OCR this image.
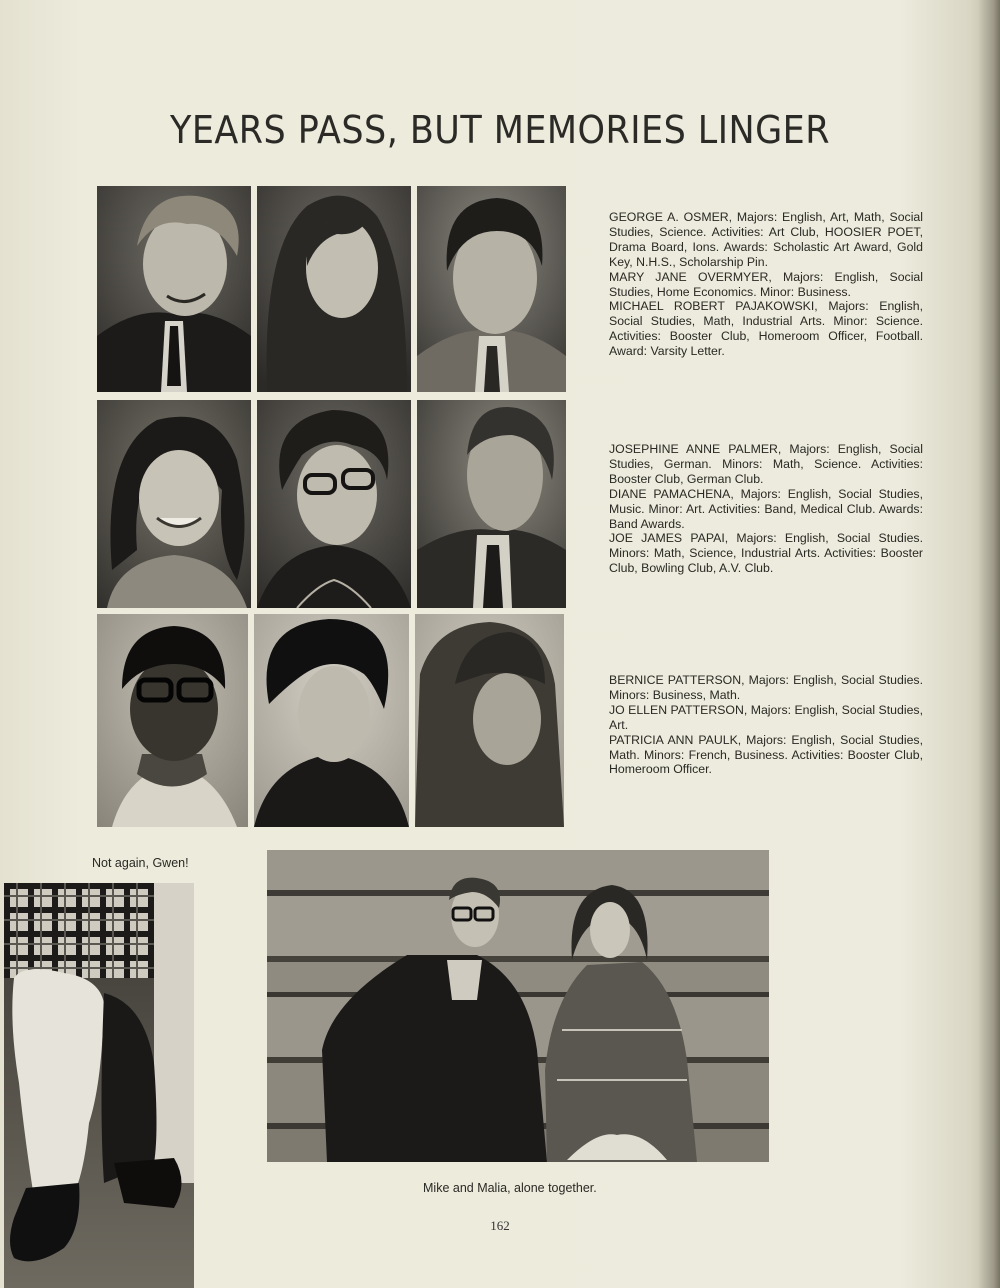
YEARS PASS, BUT MEMORIES LINGER

GEORGE A. OSMER, Majors: English, Art, Math, Social Studies, Science. Activities: Art Club, HOOSIER POET, Drama Board, Ions. Awards: Scholastic Art Award, Gold Key, N.H.S., Scholarship Pin.

MARY JANE OVERMYER, Majors: English, Social Studies, Home Economics. Minor: Business.

MICHAEL ROBERT PAJAKOWSKI, Majors: English, Social Studies, Math, Industrial Arts. Minor: Science. Activities: Booster Club, Homeroom Officer, Football. Award: Varsity Letter.

JOSEPHINE ANNE PALMER, Majors: English, Social Studies, German. Minors: Math, Science. Activities: Booster Club, German Club.

DIANE PAMACHENA, Majors: English, Social Studies, Music. Minor: Art. Activities: Band, Medical Club. Awards: Band Awards.

JOE JAMES PAPAI, Majors: English, Social Studies. Minors: Math, Science, Industrial Arts. Activities: Booster Club, Bowling Club, A.V. Club.

BERNICE PATTERSON, Majors: English, Social Studies. Minors: Business, Math.

JO ELLEN PATTERSON, Majors: English, Social Studies, Art.

PATRICIA ANN PAULK, Majors: English, Social Studies, Math. Minors: French, Business. Activities: Booster Club, Homeroom Officer.

Not again, Gwen!
Mike and Malia, alone together.
162
